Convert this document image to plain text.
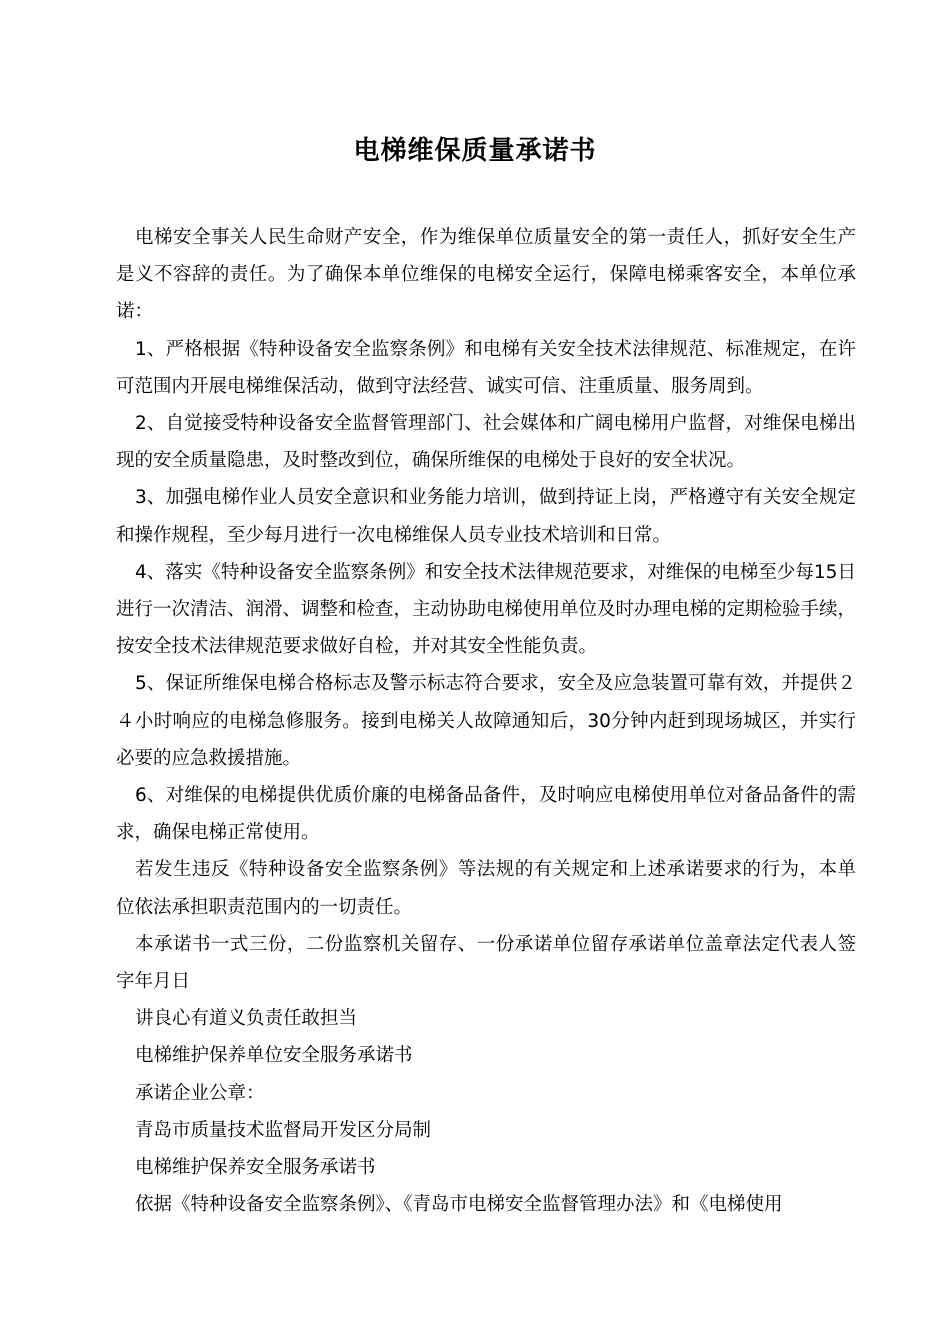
电梯维保质量承诺书

电梯安全事关人民生命财产安全，作为维保单位质量安全的第一责任人，抓好安全生产是义不容辞的责任。为了确保本单位维保的电梯安全运行，保障电梯乘客安全，本单位承诺：

1、严格根据《特种设备安全监察条例》和电梯有关安全技术法律规范、标准规定，在许可范围内开展电梯维保活动，做到守法经营、诚实可信、注重质量、服务周到。

2、自觉接受特种设备安全监督管理部门、社会媒体和广阔电梯用户监督，对维保电梯出现的安全质量隐患，及时整改到位，确保所维保的电梯处于良好的安全状况。

3、加强电梯作业人员安全意识和业务能力培训，做到持证上岗，严格遵守有关安全规定和操作规程，至少每月进行一次电梯维保人员专业技术培训和日常。

4、落实《特种设备安全监察条例》和安全技术法律规范要求，对维保的电梯至少每15日进行一次清洁、润滑、调整和检查，主动协助电梯使用单位及时办理电梯的定期检验手续，按安全技术法律规范要求做好自检，并对其安全性能负责。

5、保证所维保电梯合格标志及警示标志符合要求，安全及应急装置可靠有效，并提供２４小时响应的电梯急修服务。接到电梯关人故障通知后，30分钟内赶到现场城区，并实行必要的应急救援措施。

6、对维保的电梯提供优质价廉的电梯备品备件，及时响应电梯使用单位对备品备件的需求，确保电梯正常使用。

若发生违反《特种设备安全监察条例》等法规的有关规定和上述承诺要求的行为，本单位依法承担职责范围内的一切责任。

本承诺书一式三份，二份监察机关留存、一份承诺单位留存承诺单位盖章法定代表人签字年月日

讲良心有道义负责任敢担当

电梯维护保养单位安全服务承诺书

承诺企业公章：

青岛市质量技术监督局开发区分局制

电梯维护保养安全服务承诺书

依据《特种设备安全监察条例》、《青岛市电梯安全监督管理办法》和《电梯使用
